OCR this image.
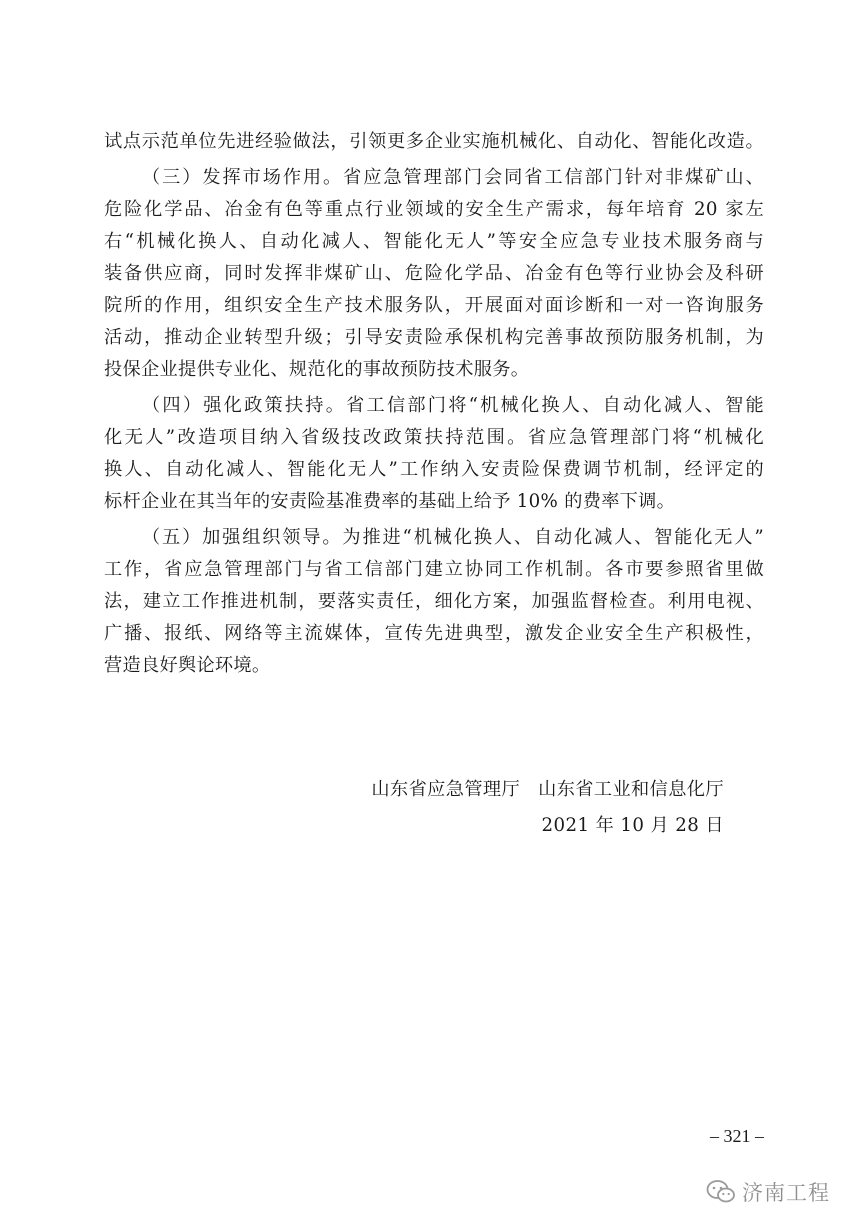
试点示范单位先进经验做法，引领更多企业实施机械化、自动化、智能化改造。
（三）发挥市场作用。省应急管理部门会同省工信部门针对非煤矿山、
危险化学品、冶金有色等重点行业领域的安全生产需求，每年培育 20 家左
右“机械化换人、自动化减人、智能化无人”等安全应急专业技术服务商与
装备供应商，同时发挥非煤矿山、危险化学品、冶金有色等行业协会及科研
院所的作用，组织安全生产技术服务队，开展面对面诊断和一对一咨询服务
活动，推动企业转型升级；引导安责险承保机构完善事故预防服务机制，为
投保企业提供专业化、规范化的事故预防技术服务。
（四）强化政策扶持。省工信部门将“机械化换人、自动化减人、智能
化无人”改造项目纳入省级技改政策扶持范围。省应急管理部门将“机械化
换人、自动化减人、智能化无人”工作纳入安责险保费调节机制，经评定的
标杆企业在其当年的安责险基准费率的基础上给予 10% 的费率下调。
（五）加强组织领导。为推进“机械化换人、自动化减人、智能化无人”
工作，省应急管理部门与省工信部门建立协同工作机制。各市要参照省里做
法，建立工作推进机制，要落实责任，细化方案，加强监督检查。利用电视、
广播、报纸、网络等主流媒体，宣传先进典型，激发企业安全生产积极性，
营造良好舆论环境。
山东省应急管理厅 山东省工业和信息化厅
2021 年 10 月 28 日
– 321 –
济南工程
